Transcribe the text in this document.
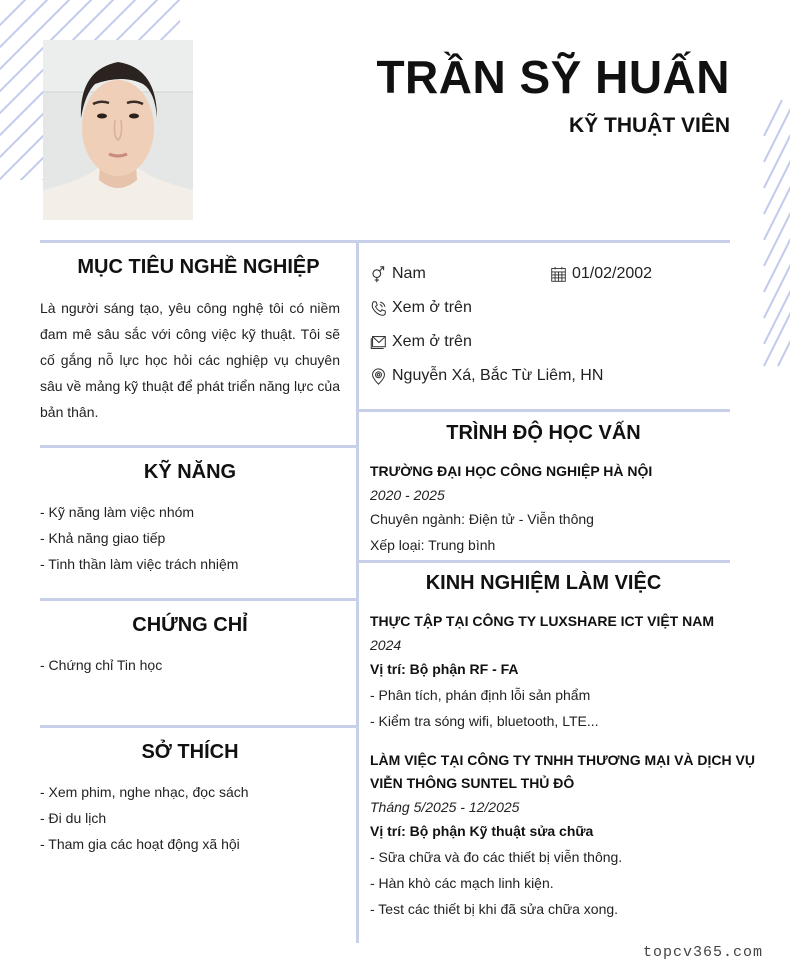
TRẦN SỸ HUẤN
KỸ THUẬT VIÊN
MỤC TIÊU NGHỀ NGHIỆP
Là người sáng tạo, yêu công nghệ tôi có niềm đam mê sâu sắc với công việc kỹ thuật. Tôi sẽ cố gắng nỗ lực học hỏi các nghiệp vụ chuyên sâu về mảng kỹ thuật để phát triển năng lực của bản thân.
KỸ NĂNG
- Kỹ năng làm việc nhóm
- Khả năng giao tiếp
- Tinh thần làm việc trách nhiệm
CHỨNG CHỈ
- Chứng chỉ Tin học
SỞ THÍCH
- Xem phim, nghe nhạc, đọc sách
- Đi du lịch
- Tham gia các hoạt động xã hội
Nam	01/02/2002
Xem ở trên
Xem ở trên
Nguyễn Xá, Bắc Từ Liêm, HN
TRÌNH ĐỘ HỌC VẤN
TRƯỜNG ĐẠI HỌC CÔNG NGHIỆP HÀ NỘI
2020 - 2025
Chuyên ngành: Điện tử - Viễn thông
Xếp loại: Trung bình
KINH NGHIỆM LÀM VIỆC
THỰC TẬP TẠI CÔNG TY LUXSHARE ICT VIỆT NAM
2024
Vị trí: Bộ phận RF - FA
- Phân tích, phán định lỗi sản phẩm
- Kiểm tra sóng wifi, bluetooth, LTE...
LÀM VIỆC TẠI CÔNG TY TNHH THƯƠNG MẠI VÀ DỊCH VỤ
VIỄN THÔNG SUNTEL THỦ ĐÔ
Tháng 5/2025 - 12/2025
Vị trí: Bộ phận Kỹ thuật sửa chữa
- Sữa chữa và đo các thiết bị viễn thông.
- Hàn khò các mạch linh kiện.
- Test các thiết bị khi đã sửa chữa xong.
topcv365.com
